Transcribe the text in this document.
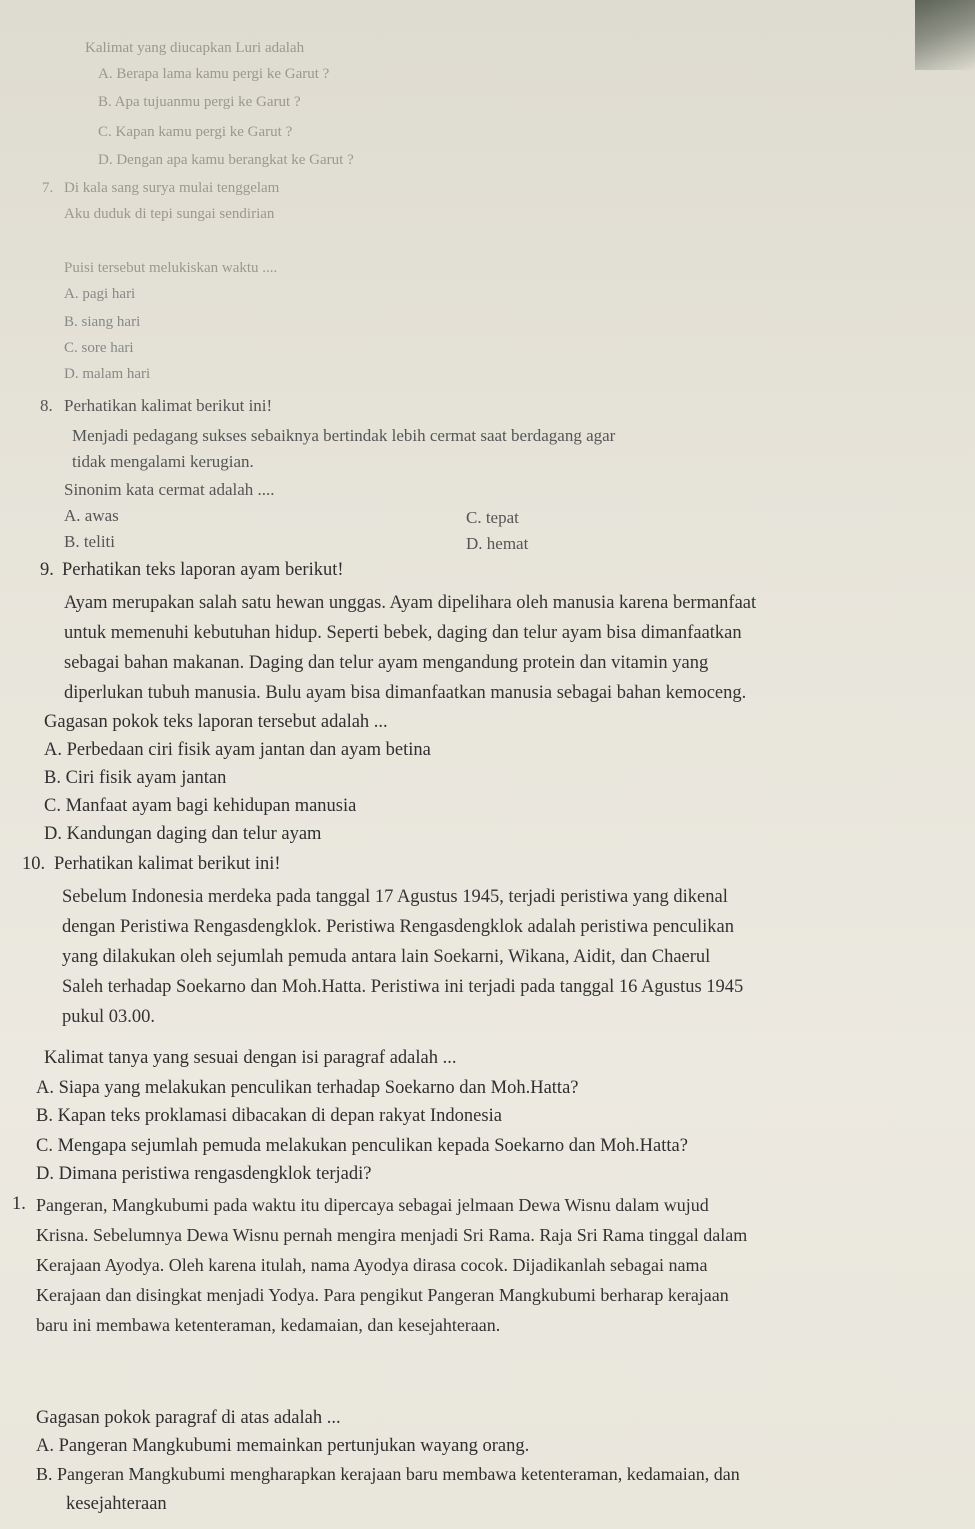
Kalimat yang diucapkan Luri adalah
A. Berapa lama kamu pergi ke Garut ?
B. Apa tujuanmu pergi ke Garut ?
C. Kapan kamu pergi ke Garut ?
D. Dengan apa kamu berangkat ke Garut ?
7. Di kala sang surya mulai tenggelam
Aku duduk di tepi sungai sendirian
Puisi tersebut melukiskan waktu ....
A. pagi hari
B. siang hari
C. sore hari
D. malam hari
8. Perhatikan kalimat berikut ini!
Menjadi pedagang sukses sebaiknya bertindak lebih cermat saat berdagang agar
tidak mengalami kerugian.
Sinonim kata cermat adalah ....
A. awas
B. teliti
C. tepat
D. hemat
9. Perhatikan teks laporan ayam berikut!

Ayam merupakan salah satu hewan unggas. Ayam dipelihara oleh manusia karena bermanfaat

untuk memenuhi kebutuhan hidup. Seperti bebek, daging dan telur ayam bisa dimanfaatkan

sebagai bahan makanan. Daging dan telur ayam mengandung protein dan vitamin yang

diperlukan tubuh manusia. Bulu ayam bisa dimanfaatkan manusia sebagai bahan kemoceng.

Gagasan pokok teks laporan tersebut adalah ...
A. Perbedaan ciri fisik ayam jantan dan ayam betina
B. Ciri fisik ayam jantan
C. Manfaat ayam bagi kehidupan manusia
D. Kandungan daging dan telur ayam
10. Perhatikan kalimat berikut ini!

Sebelum Indonesia merdeka pada tanggal 17 Agustus 1945, terjadi peristiwa yang dikenal

dengan Peristiwa Rengasdengklok. Peristiwa Rengasdengklok adalah peristiwa penculikan

yang dilakukan oleh sejumlah pemuda antara lain Soekarni, Wikana, Aidit, dan Chaerul

Saleh terhadap Soekarno dan Moh.Hatta. Peristiwa ini terjadi pada tanggal 16 Agustus 1945

pukul 03.00.

Kalimat tanya yang sesuai dengan isi paragraf adalah ...
A. Siapa yang melakukan penculikan terhadap Soekarno dan Moh.Hatta?
B. Kapan teks proklamasi dibacakan di depan rakyat Indonesia
C. Mengapa sejumlah pemuda melakukan penculikan kepada Soekarno dan Moh.Hatta?
D. Dimana peristiwa rengasdengklok terjadi?
1. Pangeran, Mangkubumi pada waktu itu dipercaya sebagai jelmaan Dewa Wisnu dalam wujud

Krisna. Sebelumnya Dewa Wisnu pernah mengira menjadi Sri Rama. Raja Sri Rama tinggal dalam

Kerajaan Ayodya. Oleh karena itulah, nama Ayodya dirasa cocok. Dijadikanlah sebagai nama

Kerajaan dan disingkat menjadi Yodya. Para pengikut Pangeran Mangkubumi berharap kerajaan

baru ini membawa ketenteraman, kedamaian, dan kesejahteraan.

Gagasan pokok paragraf di atas adalah ...
A. Pangeran Mangkubumi memainkan pertunjukan wayang orang.
B. Pangeran Mangkubumi mengharapkan kerajaan baru membawa ketenteraman, kedamaian, dan
kesejahteraan
